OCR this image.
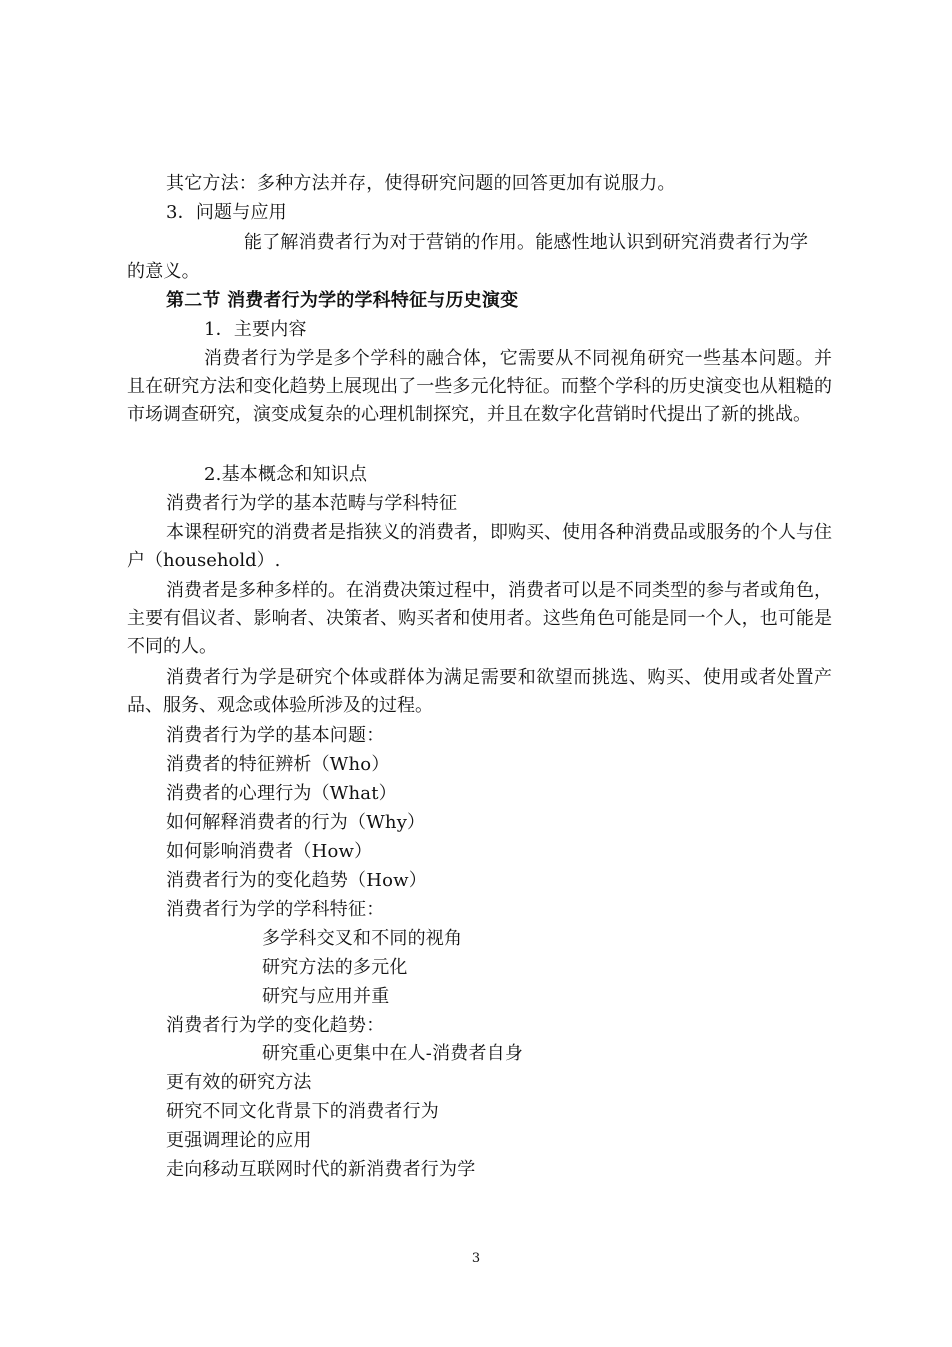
其它方法：多种方法并存，使得研究问题的回答更加有说服力。
3．问题与应用
能了解消费者行为对于营销的作用。能感性地认识到研究消费者行为学
的意义。
第二节 消费者行为学的学科特征与历史演变
1．主要内容
消费者行为学是多个学科的融合体，它需要从不同视角研究一些基本问题。并且在研究方法和变化趋势上展现出了一些多元化特征。而整个学科的历史演变也从粗糙的市场调查研究，演变成复杂的心理机制探究，并且在数字化营销时代提出了新的挑战。
2.基本概念和知识点
消费者行为学的基本范畴与学科特征
本课程研究的消费者是指狭义的消费者，即购买、使用各种消费品或服务的个人与住户（household）.
消费者是多种多样的。在消费决策过程中，消费者可以是不同类型的参与者或角色，主要有倡议者、影响者、决策者、购买者和使用者。这些角色可能是同一个人，也可能是不同的人。
消费者行为学是研究个体或群体为满足需要和欲望而挑选、购买、使用或者处置产品、服务、观念或体验所涉及的过程。
消费者行为学的基本问题：
消费者的特征辨析（Who）
消费者的心理行为（What）
如何解释消费者的行为（Why）
如何影响消费者（How）
消费者行为的变化趋势（How）
消费者行为学的学科特征：
多学科交叉和不同的视角
研究方法的多元化
研究与应用并重
消费者行为学的变化趋势：
研究重心更集中在人-消费者自身
更有效的研究方法
研究不同文化背景下的消费者行为
更强调理论的应用
走向移动互联网时代的新消费者行为学
3
